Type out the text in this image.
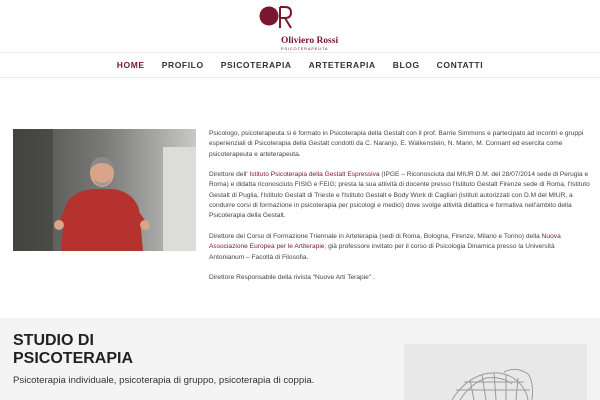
Oliviero Rossi
PSICOTERAPEUTA
HOME	PROFILO	PSICOTERAPIA	ARTETERAPIA	BLOG	CONTATTI

Psicologo, psicoterapeuta si è formato in Psicoterapia della Gestalt con il prof. Barrie Simmons e partecipato ad incontri e gruppi esperienziali di Psicoterapia della Gestalt condotti da C. Naranjo, E. Walkenstein, N. Mann, M. Connant ed esercita come psicoterapeuta e arteterapeuta.

Direttore dell' Istituto Psicoterapia della Gestalt Espressiva (IPGE – Riconosciuta dal MIUR D.M. del 28/07/2014 sede di Perugia e Roma) e didatta riconosciuto FISIG e FEIG; presta la sua attività di docente presso l'Istituto Gestalt Firenze sede di Roma, l'Istituto Gestalt di Puglia, l'Istituto Gestalt di Trieste e l'Istituto Gestalt e Body Work di Cagliari (istituti autorizzati con D.M del MIUR, a condurre corsi di formazione in psicoterapia per psicologi e medici) dove svolge attività didattica e formativa nell'ambito della Psicoterapia della Gestalt.

Direttore del Corso di Formazione Triennale in Arteterapia (sedi di Roma, Bologna, Firenze, Milano e Torino) della Nuova Associazione Europea per le Artiterapie; già professore invitato per il corso di Psicologia Dinamica presso la Università Antonianum – Facoltà di Filosofia.

Direttore Responsabile della rivista "Nuove Arti Terapie" .

STUDIO DI PSICOTERAPIA
Psicoterapia individuale, psicoterapia di gruppo, psicoterapia di coppia.
